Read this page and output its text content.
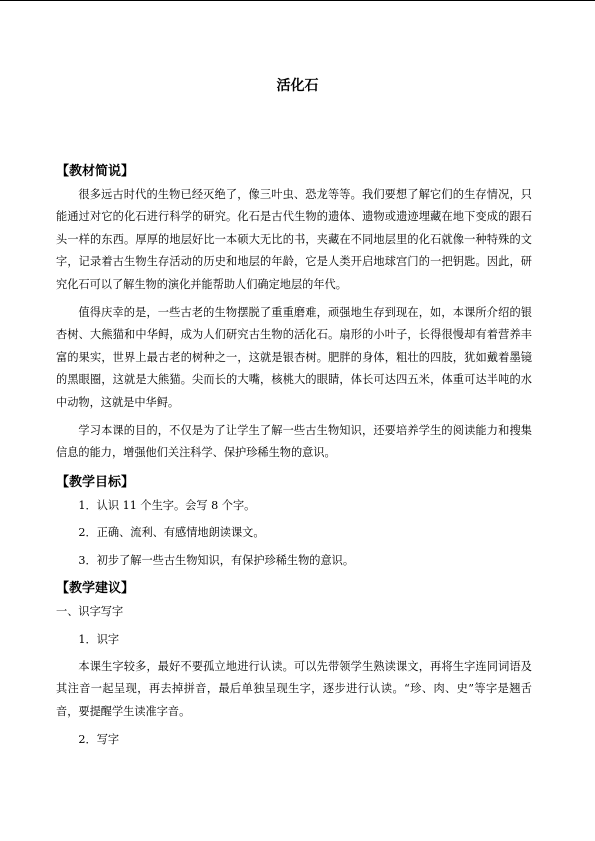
活化石

【教材简说】

很多远古时代的生物已经灭绝了，像三叶虫、恐龙等等。我们要想了解它们的生存情况，只能通过对它的化石进行科学的研究。化石是古代生物的遗体、遗物或遗迹埋藏在地下变成的跟石头一样的东西。厚厚的地层好比一本硕大无比的书，夹藏在不同地层里的化石就像一种特殊的文字，记录着古生物生存活动的历史和地层的年龄，它是人类开启地球宫门的一把钥匙。因此，研究化石可以了解生物的演化并能帮助人们确定地层的年代。

值得庆幸的是，一些古老的生物摆脱了重重磨难，顽强地生存到现在，如，本课所介绍的银杏树、大熊猫和中华鲟，成为人们研究古生物的活化石。扇形的小叶子，长得很慢却有着营养丰富的果实，世界上最古老的树种之一，这就是银杏树。肥胖的身体，粗壮的四肢，犹如戴着墨镜的黑眼圈，这就是大熊猫。尖而长的大嘴，核桃大的眼睛，体长可达四五米，体重可达半吨的水中动物，这就是中华鲟。

学习本课的目的，不仅是为了让学生了解一些古生物知识，还要培养学生的阅读能力和搜集信息的能力，增强他们关注科学、保护珍稀生物的意识。

【教学目标】

1．认识 11 个生字。会写 8 个字。

2．正确、流利、有感情地朗读课文。

3．初步了解一些古生物知识，有保护珍稀生物的意识。

【教学建议】

一、识字写字

1．识字

本课生字较多，最好不要孤立地进行认读。可以先带领学生熟读课文，再将生字连同词语及其注音一起呈现，再去掉拼音，最后单独呈现生字，逐步进行认读。“珍、肉、史”等字是翘舌音，要提醒学生读准字音。

2．写字
